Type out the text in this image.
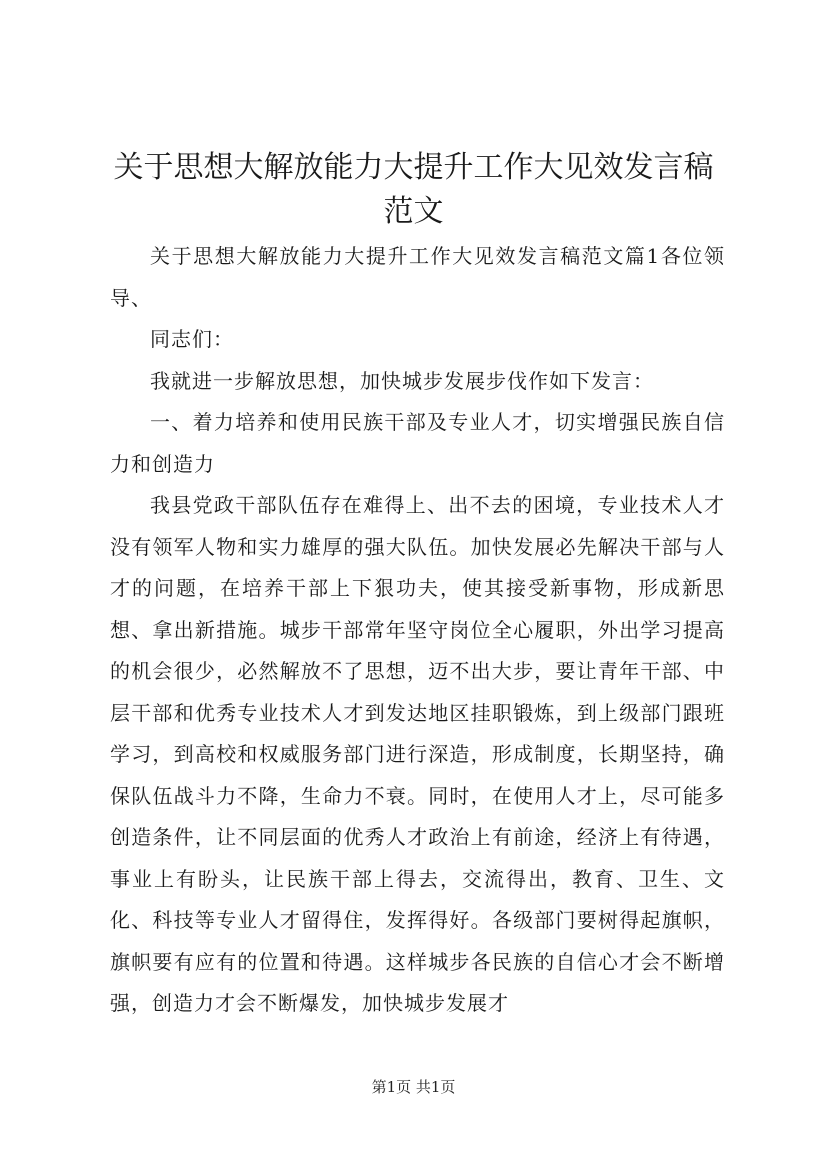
关于思想大解放能力大提升工作大见效发言稿范文

关于思想大解放能力大提升工作大见效发言稿范文篇1各位领导、

同志们：

我就进一步解放思想，加快城步发展步伐作如下发言：

一、着力培养和使用民族干部及专业人才，切实增强民族自信力和创造力

我县党政干部队伍存在难得上、出不去的困境，专业技术人才没有领军人物和实力雄厚的强大队伍。加快发展必先解决干部与人才的问题，在培养干部上下狠功夫，使其接受新事物，形成新思想、拿出新措施。城步干部常年坚守岗位全心履职，外出学习提高的机会很少，必然解放不了思想，迈不出大步，要让青年干部、中层干部和优秀专业技术人才到发达地区挂职锻炼，到上级部门跟班学习，到高校和权威服务部门进行深造，形成制度，长期坚持，确保队伍战斗力不降，生命力不衰。同时，在使用人才上，尽可能多创造条件，让不同层面的优秀人才政治上有前途，经济上有待遇，事业上有盼头，让民族干部上得去，交流得出，教育、卫生、文化、科技等专业人才留得住，发挥得好。各级部门要树得起旗帜，旗帜要有应有的位置和待遇。这样城步各民族的自信心才会不断增强，创造力才会不断爆发，加快城步发展才

第1页 共1页
